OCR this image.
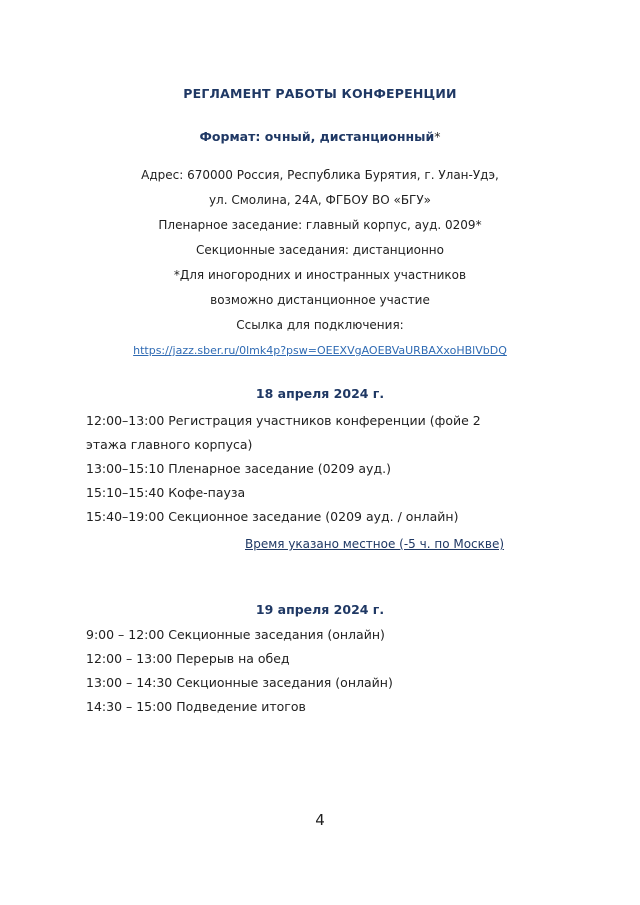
РЕГЛАМЕНТ РАБОТЫ КОНФЕРЕНЦИИ
Формат: очный, дистанционный*
Адрес: 670000 Россия, Республика Бурятия, г. Улан-Удэ,
ул. Смолина, 24А, ФГБОУ ВО «БГУ»
Пленарное заседание: главный корпус, ауд. 0209*
Секционные заседания: дистанционно
*Для иногородних и иностранных участников
возможно дистанционное участие
Ссылка для подключения:
https://jazz.sber.ru/0lmk4p?psw=OEEXVgAOEBVaURBAXxoHBlVbDQ
18 апреля 2024 г.
12:00–13:00 Регистрация участников конференции (фойе 2
этажа главного корпуса)
13:00–15:10 Пленарное заседание (0209 ауд.)
15:10–15:40 Кофе-пауза
15:40–19:00 Секционное заседание (0209 ауд. / онлайн)
Время указано местное (-5 ч. по Москве)
19 апреля 2024 г.
9:00 – 12:00 Секционные заседания (онлайн)
12:00 – 13:00 Перерыв на обед
13:00 – 14:30 Секционные заседания (онлайн)
14:30 – 15:00 Подведение итогов
4
